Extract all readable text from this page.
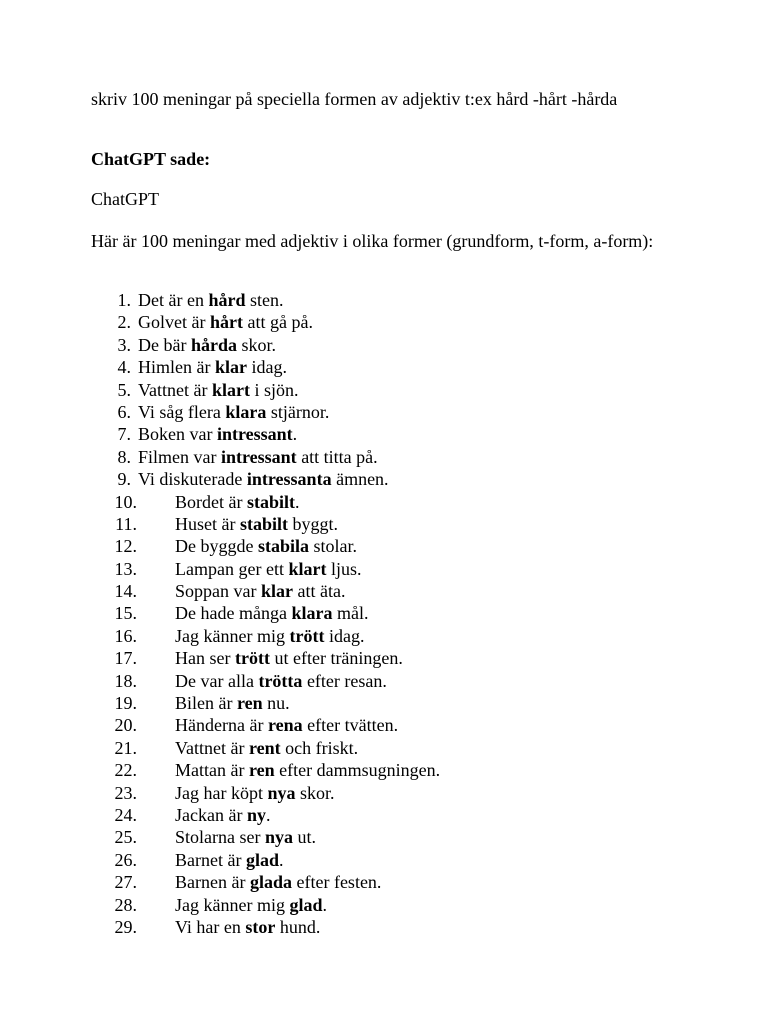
skriv 100 meningar på speciella formen av adjektiv t:ex hård -hårt -hårda

ChatGPT sade:

ChatGPT

Här är 100 meningar med adjektiv i olika former (grundform, t-form, a-form):

1. Det är en hård sten.
2. Golvet är hårt att gå på.
3. De bär hårda skor.
4. Himlen är klar idag.
5. Vattnet är klart i sjön.
6. Vi såg flera klara stjärnor.
7. Boken var intressant.
8. Filmen var intressant att titta på.
9. Vi diskuterade intressanta ämnen.
10. Bordet är stabilt.
11. Huset är stabilt byggt.
12. De byggde stabila stolar.
13. Lampan ger ett klart ljus.
14. Soppan var klar att äta.
15. De hade många klara mål.
16. Jag känner mig trött idag.
17. Han ser trött ut efter träningen.
18. De var alla trötta efter resan.
19. Bilen är ren nu.
20. Händerna är rena efter tvätten.
21. Vattnet är rent och friskt.
22. Mattan är ren efter dammsugningen.
23. Jag har köpt nya skor.
24. Jackan är ny.
25. Stolarna ser nya ut.
26. Barnet är glad.
27. Barnen är glada efter festen.
28. Jag känner mig glad.
29. Vi har en stor hund.
